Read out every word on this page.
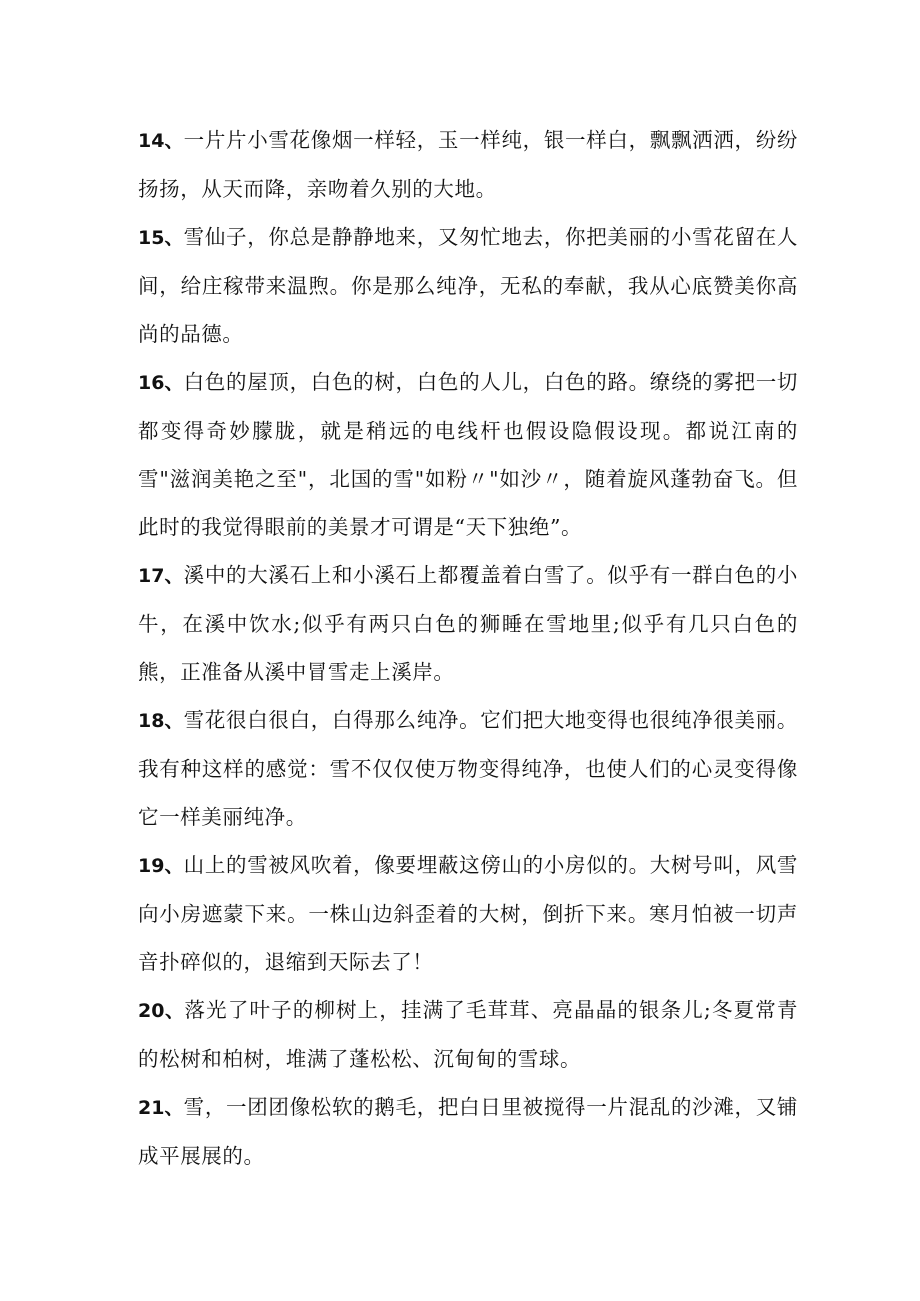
14、一片片小雪花像烟一样轻，玉一样纯，银一样白，飘飘洒洒，纷纷扬扬，从天而降，亲吻着久别的大地。

15、雪仙子，你总是静静地来，又匆忙地去，你把美丽的小雪花留在人间，给庄稼带来温煦。你是那么纯净，无私的奉献，我从心底赞美你高尚的品德。

16、白色的屋顶，白色的树，白色的人儿，白色的路。缭绕的雾把一切都变得奇妙朦胧，就是稍远的电线杆也假设隐假设现。都说江南的雪"滋润美艳之至"，北国的雪"如粉〃"如沙〃，随着旋风蓬勃奋飞。但此时的我觉得眼前的美景才可谓是“天下独绝”。

17、溪中的大溪石上和小溪石上都覆盖着白雪了。似乎有一群白色的小牛，在溪中饮水;似乎有两只白色的狮睡在雪地里;似乎有几只白色的熊，正准备从溪中冒雪走上溪岸。

18、雪花很白很白，白得那么纯净。它们把大地变得也很纯净很美丽。我有种这样的感觉：雪不仅仅使万物变得纯净，也使人们的心灵变得像它一样美丽纯净。

19、山上的雪被风吹着，像要埋蔽这傍山的小房似的。大树号叫，风雪向小房遮蒙下来。一株山边斜歪着的大树，倒折下来。寒月怕被一切声音扑碎似的，退缩到天际去了！

20、落光了叶子的柳树上，挂满了毛茸茸、亮晶晶的银条儿;冬夏常青的松树和柏树，堆满了蓬松松、沉甸甸的雪球。

21、雪，一团团像松软的鹅毛，把白日里被搅得一片混乱的沙滩，又铺成平展展的。
